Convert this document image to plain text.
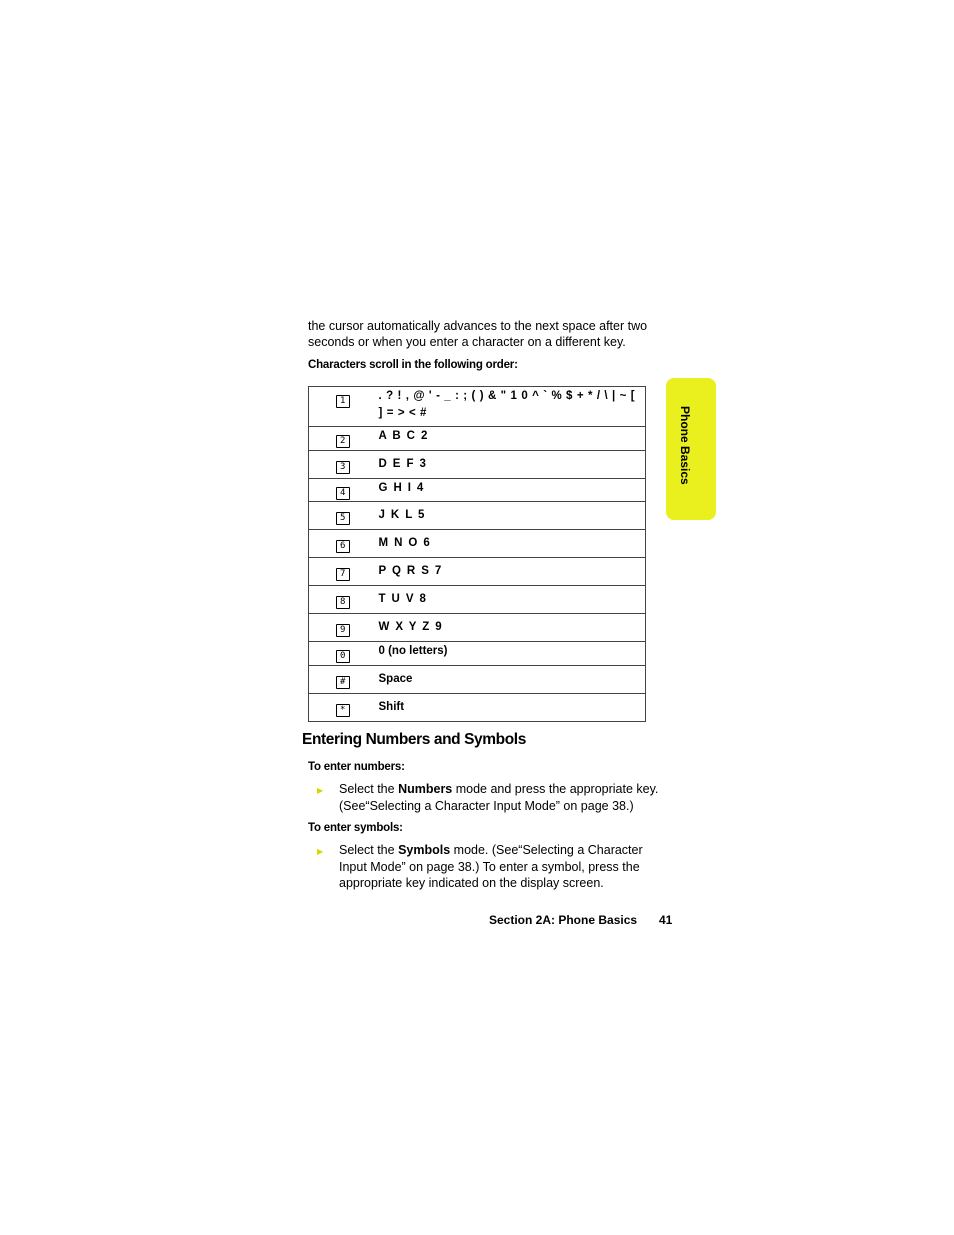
the cursor automatically advances to the next space after two seconds or when you enter a character on a different key.

Characters scroll in the following order:

1	. ? ! , @ ' - _ : ; ( ) & " 1 0 ^ ` % $ + * / \ | ~ [ ] = > < #
2	A B C 2
3	D E F 3
4	G H I 4
5	J K L 5
6	M N O 6
7	P Q R S 7
8	T U V 8
9	W X Y Z 9
0	0 (no letters)
#	Space
*	Shift
Entering Numbers and Symbols

To enter numbers:

▶ Select the Numbers mode and press the appropriate key. (See“Selecting a Character Input Mode” on page 38.)

To enter symbols:

▶ Select the Symbols mode. (See“Selecting a Character Input Mode” on page 38.) To enter a symbol, press the appropriate key indicated on the display screen.

Section 2A: Phone Basics 41

Phone Basics
